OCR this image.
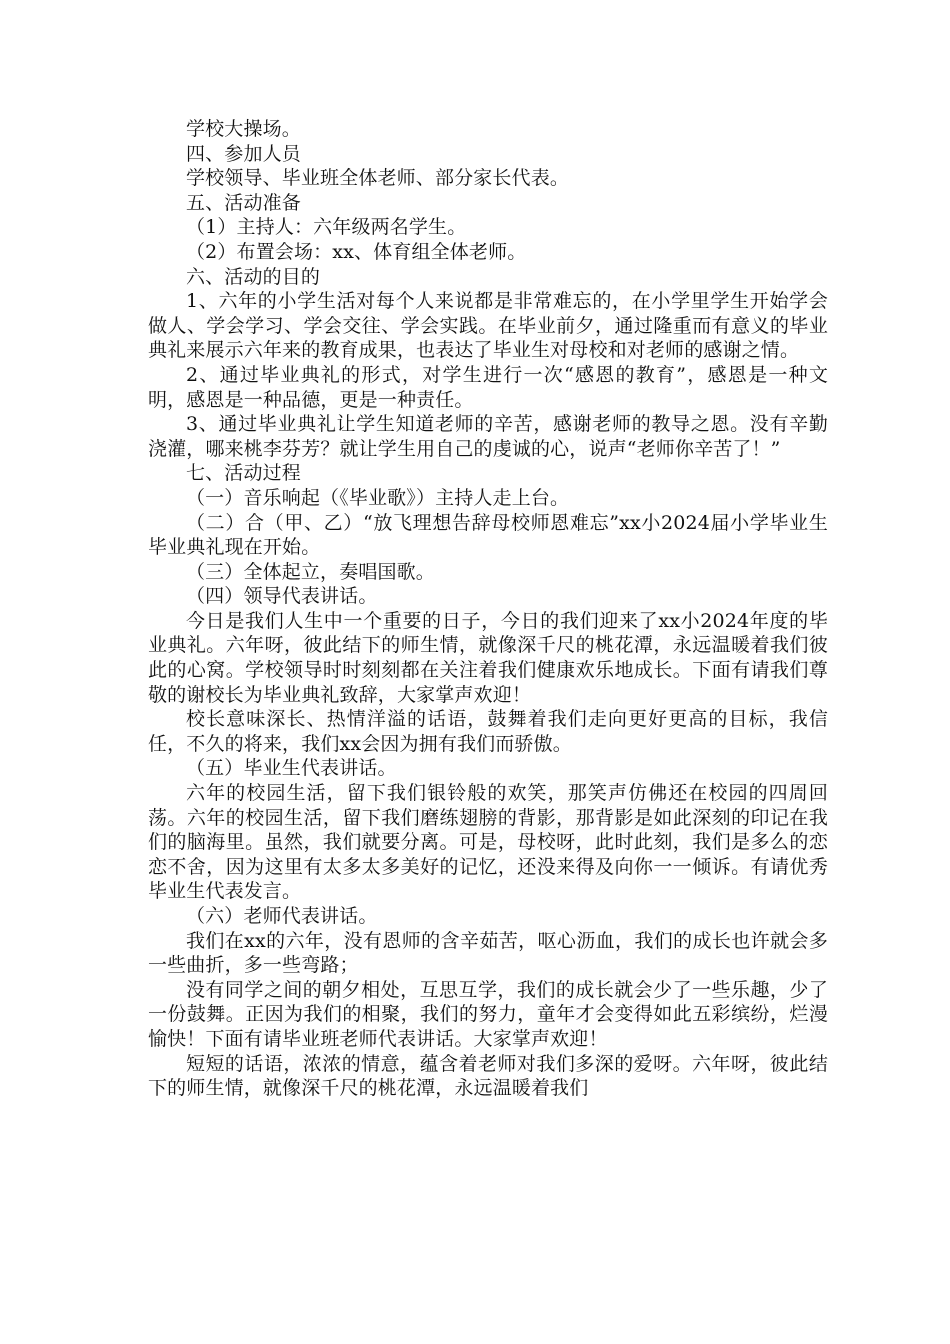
学校大操场。

四、参加人员

学校领导、毕业班全体老师、部分家长代表。

五、活动准备

（1）主持人：六年级两名学生。

（2）布置会场：xx、体育组全体老师。

六、活动的目的

1、六年的小学生活对每个人来说都是非常难忘的，在小学里学生开始学会做人、学会学习、学会交往、学会实践。在毕业前夕，通过隆重而有意义的毕业典礼来展示六年来的教育成果，也表达了毕业生对母校和对老师的感谢之情。

2、通过毕业典礼的形式，对学生进行一次“感恩的教育”，感恩是一种文明，感恩是一种品德，更是一种责任。

3、通过毕业典礼让学生知道老师的辛苦，感谢老师的教导之恩。没有辛勤浇灌，哪来桃李芬芳？就让学生用自己的虔诚的心，说声“老师你辛苦了！”

七、活动过程

（一）音乐响起（《毕业歌》）主持人走上台。

（二）合（甲、乙）“放飞理想告辞母校师恩难忘”xx小2024届小学毕业生毕业典礼现在开始。

（三）全体起立，奏唱国歌。

（四）领导代表讲话。

今日是我们人生中一个重要的日子，今日的我们迎来了xx小2024年度的毕业典礼。六年呀，彼此结下的师生情，就像深千尺的桃花潭，永远温暖着我们彼此的心窝。学校领导时时刻刻都在关注着我们健康欢乐地成长。下面有请我们尊敬的谢校长为毕业典礼致辞，大家掌声欢迎！

校长意味深长、热情洋溢的话语，鼓舞着我们走向更好更高的目标，我信任，不久的将来，我们xx会因为拥有我们而骄傲。

（五）毕业生代表讲话。

六年的校园生活，留下我们银铃般的欢笑，那笑声仿佛还在校园的四周回荡。六年的校园生活，留下我们磨练翅膀的背影，那背影是如此深刻的印记在我们的脑海里。虽然，我们就要分离。可是，母校呀，此时此刻，我们是多么的恋恋不舍，因为这里有太多太多美好的记忆，还没来得及向你一一倾诉。有请优秀毕业生代表发言。

（六）老师代表讲话。

我们在xx的六年，没有恩师的含辛茹苦，呕心沥血，我们的成长也许就会多一些曲折，多一些弯路；

没有同学之间的朝夕相处，互思互学，我们的成长就会少了一些乐趣，少了一份鼓舞。正因为我们的相聚，我们的努力，童年才会变得如此五彩缤纷，烂漫愉快！下面有请毕业班老师代表讲话。大家掌声欢迎！

短短的话语，浓浓的情意，蕴含着老师对我们多深的爱呀。六年呀，彼此结下的师生情，就像深千尺的桃花潭，永远温暖着我们
